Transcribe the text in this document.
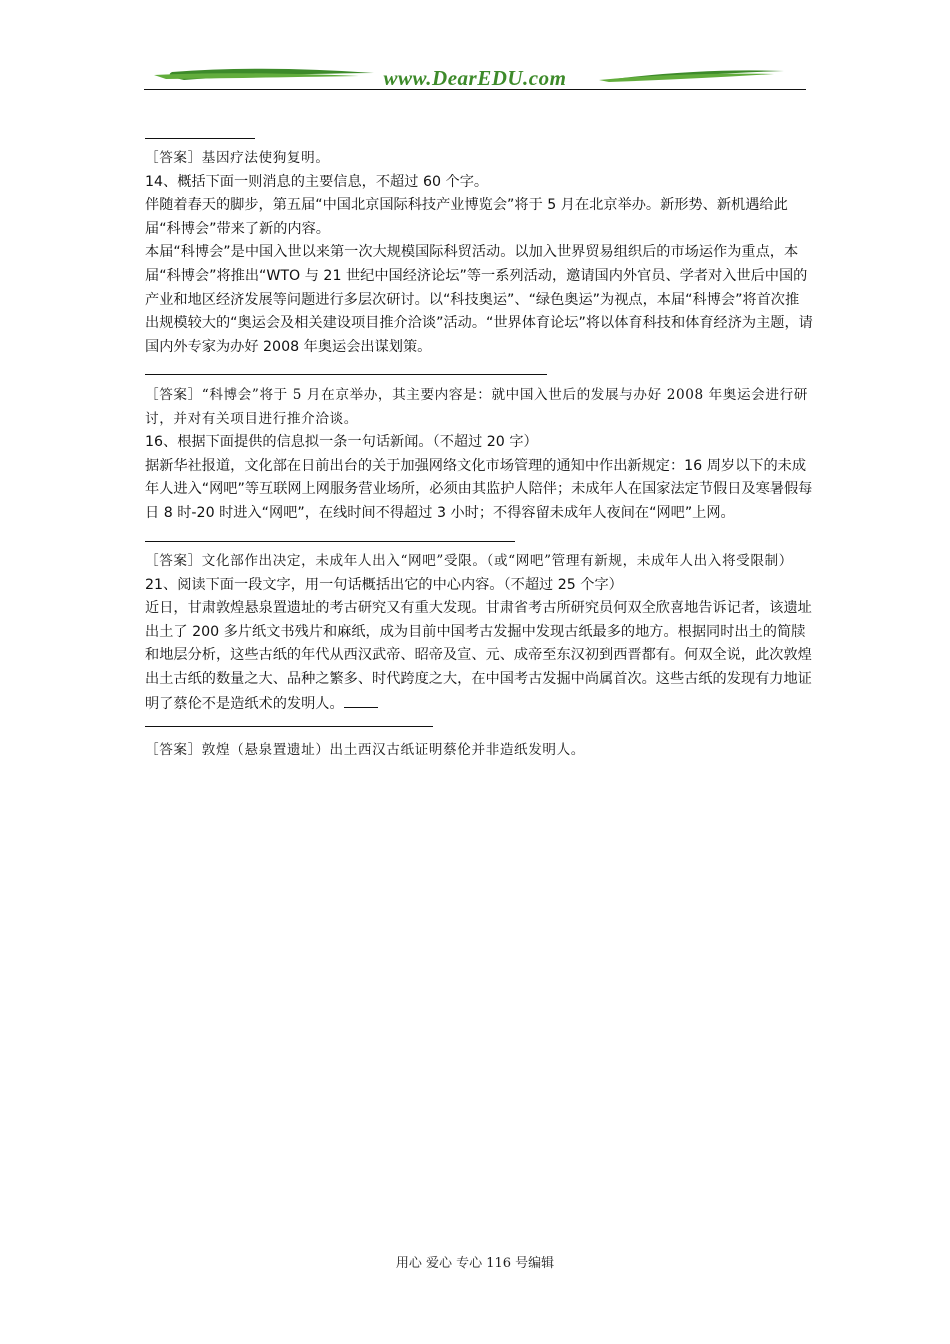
www.DearEDU.com

［答案］基因疗法使狗复明。

14、概括下面一则消息的主要信息，不超过 60 个字。

伴随着春天的脚步，第五届“中国北京国际科技产业博览会”将于 5 月在北京举办。新形势、新机遇给此届“科博会”带来了新的内容。

本届“科博会”是中国入世以来第一次大规模国际科贸活动。以加入世界贸易组织后的市场运作为重点，本届“科博会”将推出“WTO 与 21 世纪中国经济论坛”等一系列活动，邀请国内外官员、学者对入世后中国的产业和地区经济发展等问题进行多层次研讨。以“科技奥运”、“绿色奥运”为视点，本届“科博会”将首次推出规模较大的“奥运会及相关建设项目推介洽谈”活动。“世界体育论坛”将以体育科技和体育经济为主题，请国内外专家为办好 2008 年奥运会出谋划策。

［答案］“科博会”将于 5 月在京举办，其主要内容是：就中国入世后的发展与办好 2008 年奥运会进行研讨，并对有关项目进行推介洽谈。

16、根据下面提供的信息拟一条一句话新闻。（不超过 20 字）

据新华社报道，文化部在日前出台的关于加强网络文化市场管理的通知中作出新规定：16 周岁以下的未成年人进入“网吧”等互联网上网服务营业场所，必须由其监护人陪伴；未成年人在国家法定节假日及寒暑假每日 8 时-20 时进入“网吧”，在线时间不得超过 3 小时；不得容留未成年人夜间在“网吧”上网。

［答案］文化部作出决定，未成年人出入“网吧”受限。（或“网吧”管理有新规，未成年人出入将受限制）

21、阅读下面一段文字，用一句话概括出它的中心内容。（不超过 25 个字）

近日，甘肃敦煌悬泉置遗址的考古研究又有重大发现。甘肃省考古所研究员何双全欣喜地告诉记者，该遗址出土了 200 多片纸文书残片和麻纸，成为目前中国考古发掘中发现古纸最多的地方。根据同时出土的简牍和地层分析，这些古纸的年代从西汉武帝、昭帝及宣、元、成帝至东汉初到西晋都有。何双全说，此次敦煌出土古纸的数量之大、品种之繁多、时代跨度之大，在中国考古发掘中尚属首次。这些古纸的发现有力地证明了蔡伦不是造纸术的发明人。

［答案］敦煌（悬泉置遗址）出土西汉古纸证明蔡伦并非造纸发明人。

用心 爱心 专心 116 号编辑
